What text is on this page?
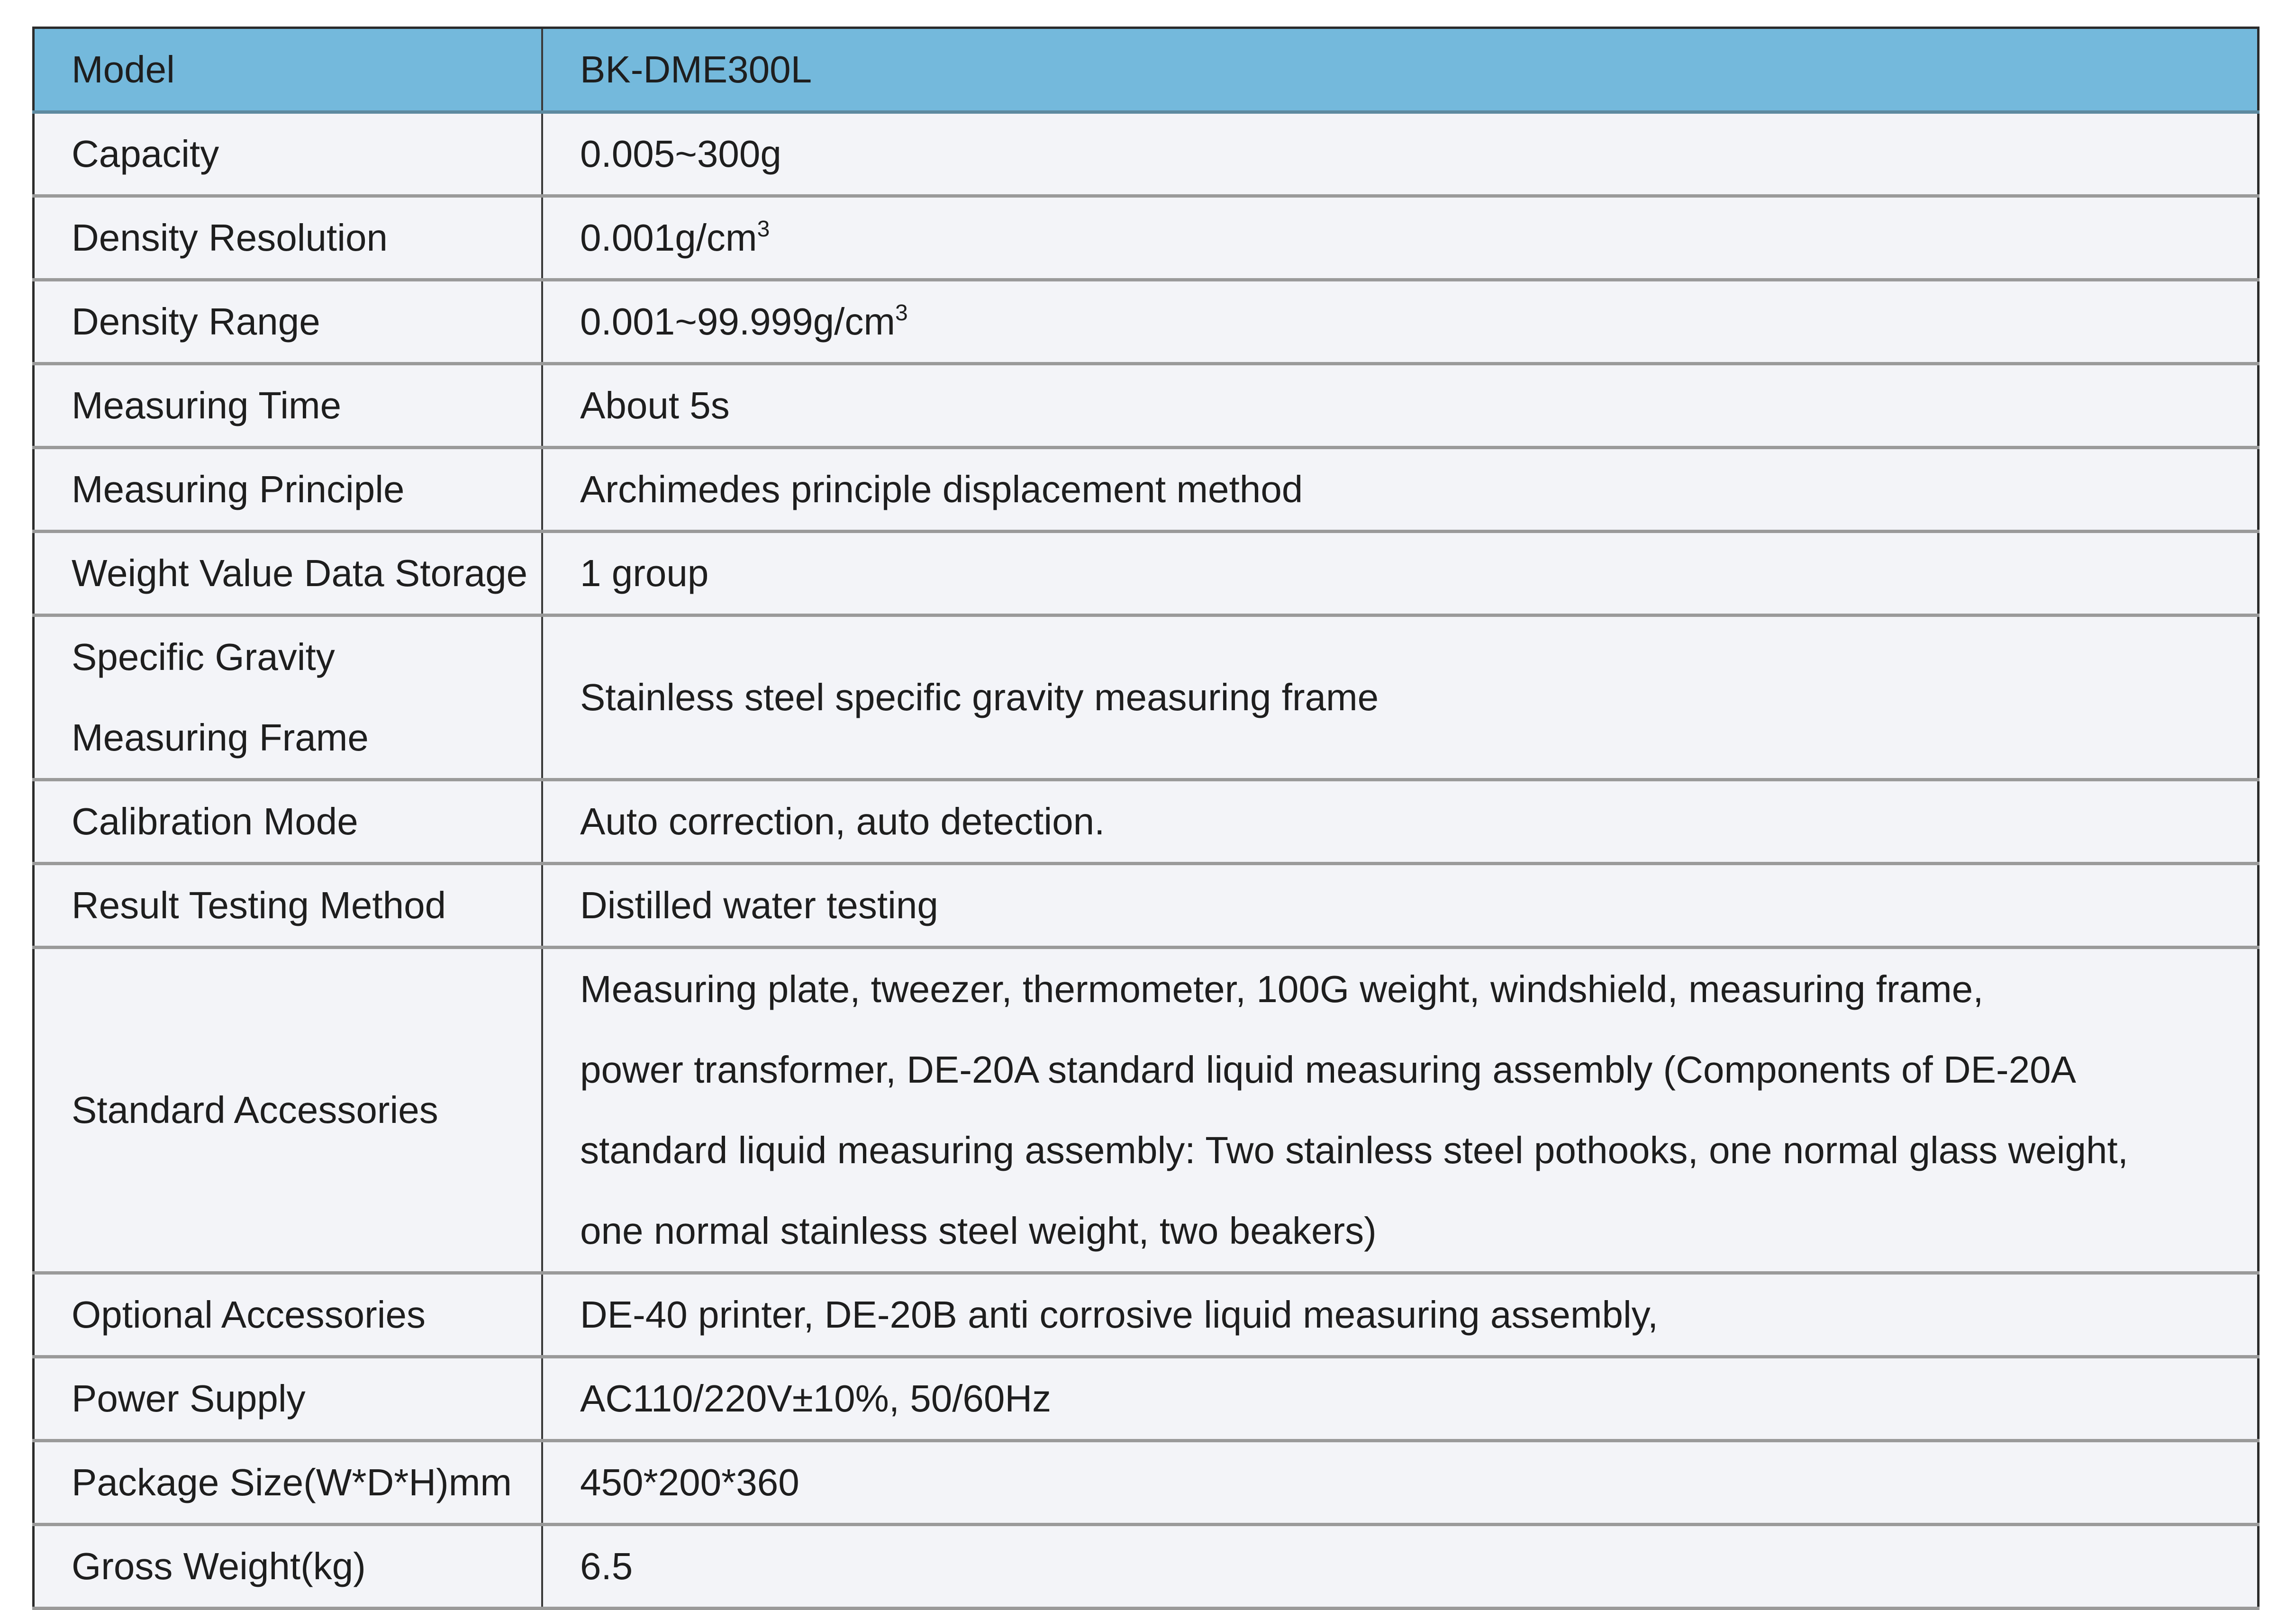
Model	BK-DME300L
Capacity	0.005~300g
Density Resolution	$0.001g/cm^3$
Density Range	$0.001\sim 99.999g/cm^3$
Measuring Time	About 5s
Measuring Principle	Archimedes principle displacement method
Weight Value Data Storage	1 group

Specific Gravity
Measuring Frame	Stainless steel specific gravity measuring frame
Calibration Mode	Auto correction, auto detection.
Result Testing Method	Distilled water testing
Standard Accessories	Measuring plate, tweezer, thermometer, 100G weight, windshield, measuring frame,
power transformer, DE-20A standard liquid measuring assembly (Components of DE-20A
standard liquid measuring assembly: Two stainless steel pothooks, one normal glass weight,
one normal stainless steel weight, two beakers)

Optional Accessories	DE-40 printer, DE-20B anti corrosive liquid measuring assembly,
Power Supply	AC110/220V±10%, 50/60Hz
Package Size(W*D*H)mm	450*200*360
Gross Weight(kg)	6.5
